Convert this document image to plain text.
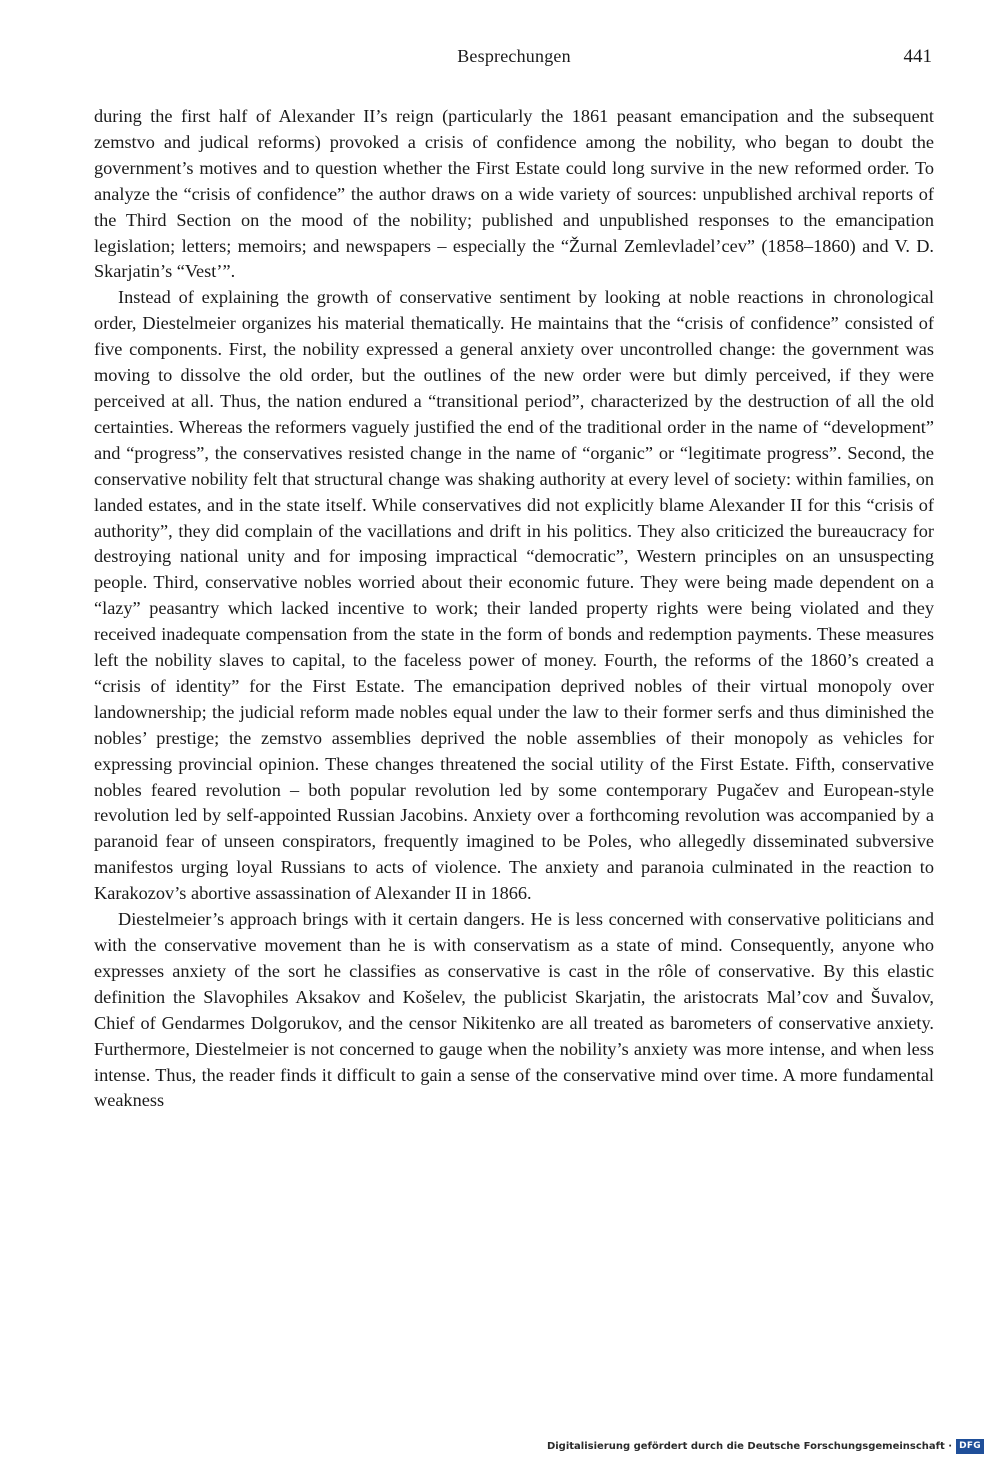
Besprechungen	441

during the first half of Alexander II’s reign (particularly the 1861 peasant emancipation and the subsequent zemstvo and judical reforms) provoked a crisis of confidence among the nobility, who began to doubt the government’s motives and to question whether the First Estate could long survive in the new reformed order. To analyze the “crisis of confidence” the author draws on a wide variety of sources: unpublished archival reports of the Third Section on the mood of the nobility; published and unpublished responses to the emancipation legislation; letters; memoirs; and newspapers – especially the “Žurnal Zemlevladel’cev” (1858–1860) and V. D. Skarjatin’s “Vest’”.

Instead of explaining the growth of conservative sentiment by looking at noble reactions in chronological order, Diestelmeier organizes his material thematically. He maintains that the “crisis of confidence” consisted of five components. First, the nobility expressed a general anxiety over uncontrolled change: the government was moving to dissolve the old order, but the outlines of the new order were but dimly perceived, if they were perceived at all. Thus, the nation endured a “transitional period”, characterized by the destruction of all the old certainties. Whereas the reformers vaguely justified the end of the traditional order in the name of “development” and “progress”, the conservatives resisted change in the name of “organic” or “legitimate progress”. Second, the conservative nobility felt that structural change was shaking authority at every level of society: within families, on landed estates, and in the state itself. While conservatives did not explicitly blame Alexander II for this “crisis of authority”, they did complain of the vacillations and drift in his politics. They also criticized the bureaucracy for destroying national unity and for imposing impractical “democratic”, Western principles on an unsuspecting people. Third, conservative nobles worried about their economic future. They were being made dependent on a “lazy” peasantry which lacked incentive to work; their landed property rights were being violated and they received inadequate compensation from the state in the form of bonds and redemption payments. These measures left the nobility slaves to capital, to the faceless power of money. Fourth, the reforms of the 1860’s created a “crisis of identity” for the First Estate. The emancipation deprived nobles of their virtual monopoly over landownership; the judicial reform made nobles equal under the law to their former serfs and thus diminished the nobles’ prestige; the zemstvo assemblies deprived the noble assemblies of their monopoly as vehicles for expressing provincial opinion. These changes threatened the social utility of the First Estate. Fifth, conservative nobles feared revolution – both popular revolution led by some contemporary Pugačev and European-style revolution led by self-appointed Russian Jacobins. Anxiety over a forthcoming revolution was accompanied by a paranoid fear of unseen conspirators, frequently imagined to be Poles, who allegedly disseminated subversive manifestos urging loyal Russians to acts of violence. The anxiety and paranoia culminated in the reaction to Karakozov’s abortive assassination of Alexander II in 1866.

Diestelmeier’s approach brings with it certain dangers. He is less concerned with conservative politicians and with the conservative movement than he is with conservatism as a state of mind. Consequently, anyone who expresses anxiety of the sort he classifies as conservative is cast in the rôle of conservative. By this elastic definition the Slavophiles Aksakov and Košelev, the publicist Skarjatin, the aristocrats Mal’cov and Šuvalov, Chief of Gendarmes Dolgorukov, and the censor Nikitenko are all treated as barometers of conservative anxiety. Furthermore, Diestelmeier is not concerned to gauge when the nobility’s anxiety was more intense, and when less intense. Thus, the reader finds it difficult to gain a sense of the conservative mind over time. A more fundamental weakness

Digitalisierung gefördert durch die Deutsche Forschungsgemeinschaft · DFG
